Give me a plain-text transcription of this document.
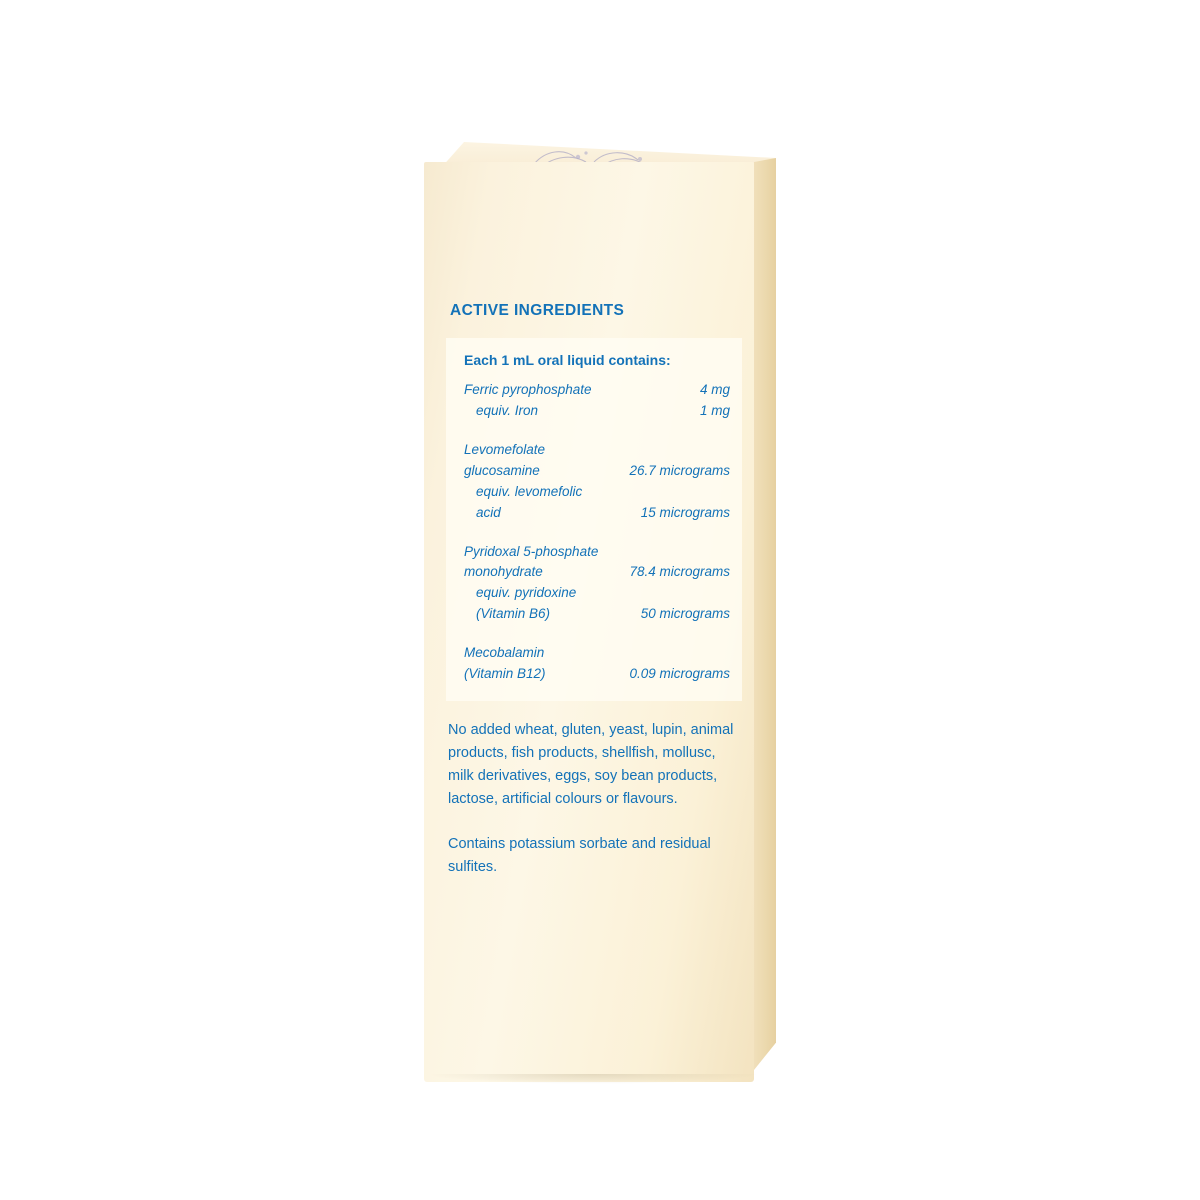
ACTIVE INGREDIENTS
Each 1 mL oral liquid contains:
Ferric pyrophosphate	4 mg
equiv. Iron	1 mg
Levomefolate
glucosamine	26.7 micrograms
equiv. levomefolic
acid	15 micrograms
Pyridoxal 5-phosphate
monohydrate	78.4 micrograms
equiv. pyridoxine
(Vitamin B6)	50 micrograms
Mecobalamin
(Vitamin B12)	0.09 micrograms
No added wheat, gluten, yeast, lupin, animal products, fish products, shellfish, mollusc, milk derivatives, eggs, soy bean products, lactose, artificial colours or flavours.
Contains potassium sorbate and residual sulfites.
